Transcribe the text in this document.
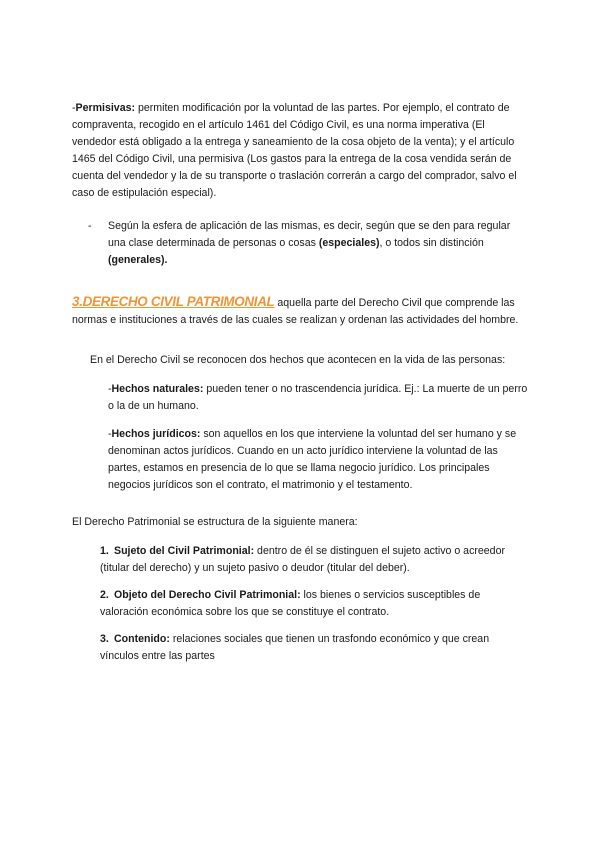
-Permisivas: permiten modificación por la voluntad de las partes. Por ejemplo, el contrato de compraventa, recogido en el artículo 1461 del Código Civil, es una norma imperativa (El vendedor está obligado a la entrega y saneamiento de la cosa objeto de la venta); y el artículo 1465 del Código Civil, una permisiva (Los gastos para la entrega de la cosa vendida serán de cuenta del vendedor y la de su transporte o traslación correrán a cargo del comprador, salvo el caso de estipulación especial).

- Según la esfera de aplicación de las mismas, es decir, según que se den para regular una clase determinada de personas o cosas (especiales), o todos sin distinción (generales).

3.DERECHO CIVIL PATRIMONIAL aquella parte del Derecho Civil que comprende las normas e instituciones a través de las cuales se realizan y ordenan las actividades del hombre.

En el Derecho Civil se reconocen dos hechos que acontecen en la vida de las personas:

-Hechos naturales: pueden tener o no trascendencia jurídica. Ej.: La muerte de un perro o la de un humano.

-Hechos jurídicos: son aquellos en los que interviene la voluntad del ser humano y se denominan actos jurídicos. Cuando en un acto jurídico interviene la voluntad de las partes, estamos en presencia de lo que se llama negocio jurídico. Los principales negocios jurídicos son el contrato, el matrimonio y el testamento.

El Derecho Patrimonial se estructura de la siguiente manera:

1. Sujeto del Civil Patrimonial: dentro de él se distinguen el sujeto activo o acreedor (titular del derecho) y un sujeto pasivo o deudor (titular del deber).

2. Objeto del Derecho Civil Patrimonial: los bienes o servicios susceptibles de valoración económica sobre los que se constituye el contrato.

3. Contenido: relaciones sociales que tienen un trasfondo económico y que crean vínculos entre las partes
